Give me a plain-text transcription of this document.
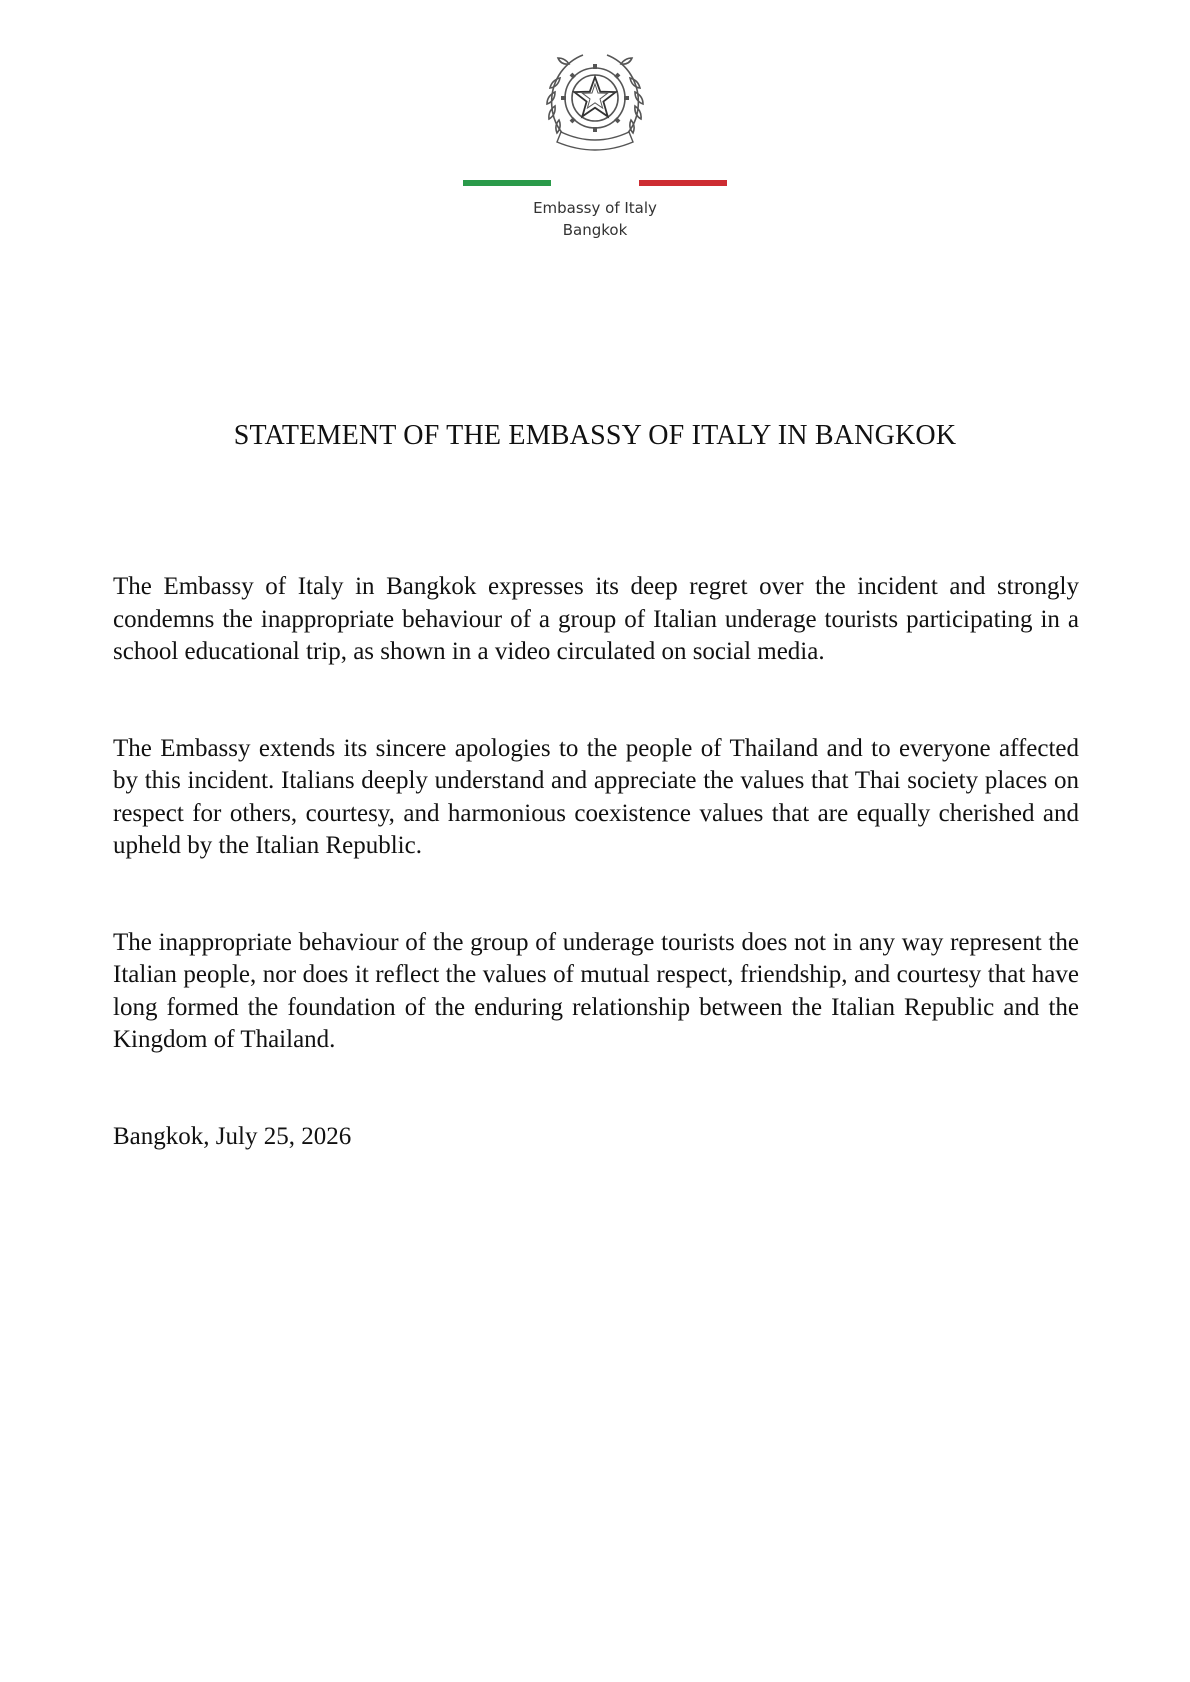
Embassy of Italy
Bangkok
STATEMENT OF THE EMBASSY OF ITALY IN BANGKOK

The Embassy of Italy in Bangkok expresses its deep regret over the incident and strongly condemns the inappropriate behaviour of a group of Italian underage tourists participating in a school educational trip, as shown in a video circulated on social media.

The Embassy extends its sincere apologies to the people of Thailand and to everyone affected by this incident. Italians deeply understand and appreciate the values that Thai society places on respect for others, courtesy, and harmonious coexistence values that are equally cherished and upheld by the Italian Republic.

The inappropriate behaviour of the group of underage tourists does not in any way represent the Italian people, nor does it reflect the values of mutual respect, friendship, and courtesy that have long formed the foundation of the enduring relationship between the Italian Republic and the Kingdom of Thailand.

Bangkok, July 25, 2026
